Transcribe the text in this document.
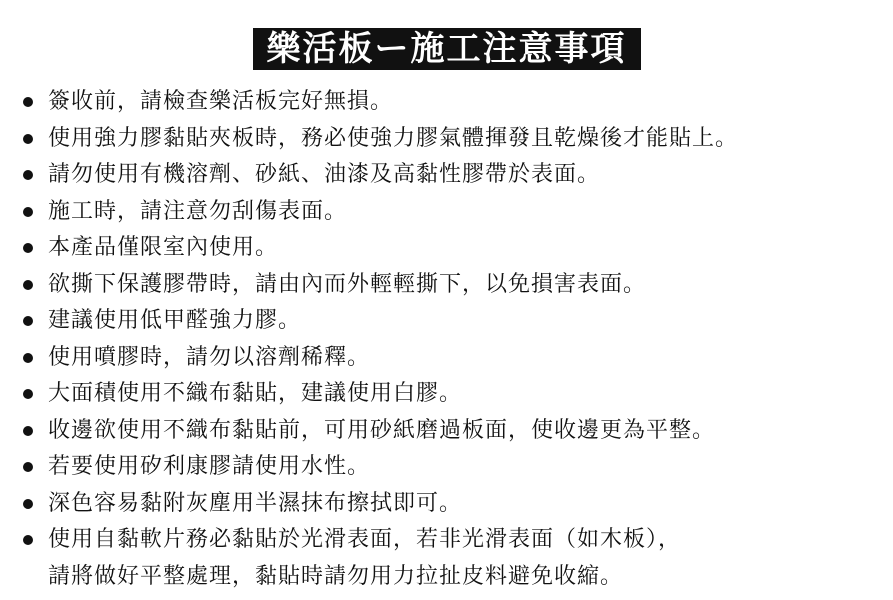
樂活板ー施工注意事項
簽收前，請檢查樂活板完好無損。
使用強力膠黏貼夾板時，務必使強力膠氣體揮發且乾燥後才能貼上。
請勿使用有機溶劑、砂紙、油漆及高黏性膠帶於表面。
施工時，請注意勿刮傷表面。
本產品僅限室內使用。
欲撕下保護膠帶時，請由內而外輕輕撕下，以免損害表面。
建議使用低甲醛強力膠。
使用噴膠時，請勿以溶劑稀釋。
大面積使用不織布黏貼，建議使用白膠。
收邊欲使用不織布黏貼前，可用砂紙磨過板面，使收邊更為平整。
若要使用矽利康膠請使用水性。
深色容易黏附灰塵用半濕抹布擦拭即可。
使用自黏軟片務必黏貼於光滑表面，若非光滑表面（如木板），
請將做好平整處理，黏貼時請勿用力拉扯皮料避免收縮。
